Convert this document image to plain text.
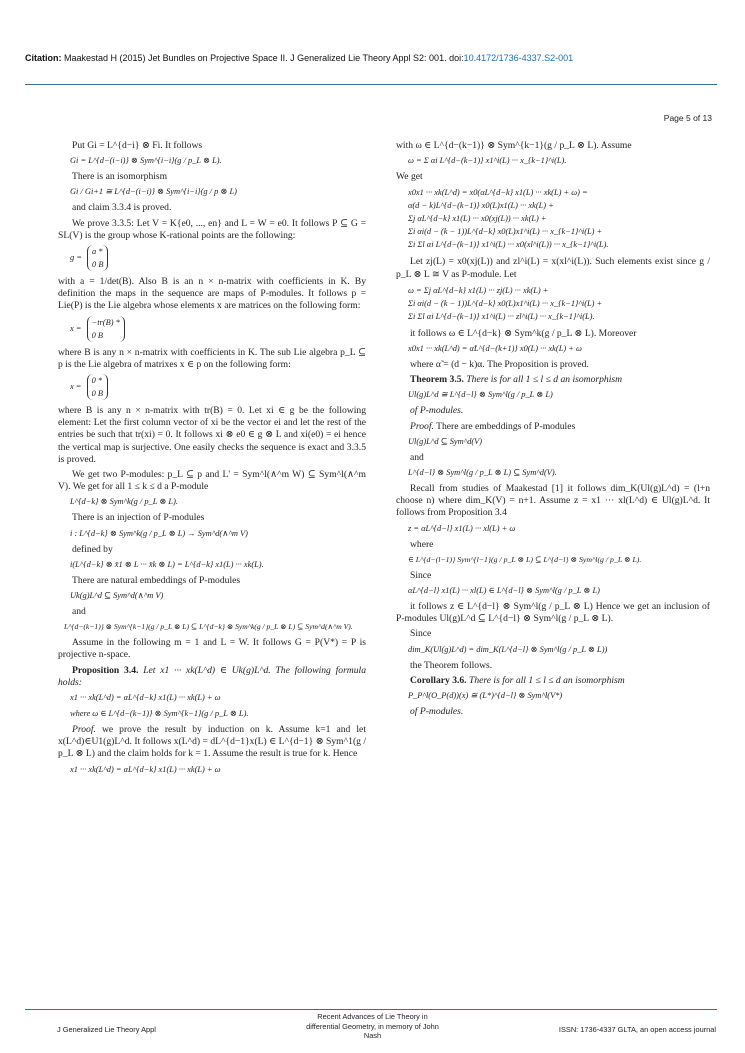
Citation: Maakestad H (2015) Jet Bundles on Projective Space II. J Generalized Lie Theory Appl S2: 001. doi:10.4172/1736-4337.S2-001
Page 5 of 13

Put Gi = L^{d−i} ⊗ Fi. It follows

Gi = L^{d−(i−i)} ⊗ Sym^{i−i}(g / p_L ⊗ L).

There is an isomorphism

Gi / Gi+1 ≅ L^{d−(i−i)} ⊗ Sym^{i−i}(g / p ⊗ L)

and claim 3.3.4 is proved.

We prove 3.3.5: Let V = K{e0, ..., en} and L = W = e0. It follows P ⊆ G = SL(V) is the group whose K-rational points are the following:

g = a *
0 B

with a = 1/det(B). Also B is an n × n-matrix with coefficients in K. By definition the maps in the sequence are maps of P-modules. It follows p = Lie(P) is the Lie algebra whose elements x are matrices on the following form:

x = −tr(B) *
0 B

where B is any n × n-matrix with coefficients in K. The sub Lie algebra p_L ⊆ p is the Lie algebra of matrixes x ∈ p on the following form:

x = 0 *
0 B

where B is any n × n-matrix with tr(B) = 0. Let xi ∈ g be the following element: Let the first column vector of xi be the vector ei and let the rest of the entries be such that tr(xi) = 0. It follows xi ⊗ e0 ∈ g ⊗ L and xi(e0) = ei hence the vertical map is surjective. One easily checks the sequence is exact and 3.3.5 is proved.

We get two P-modules: p_L ⊆ p and L' = Sym^l(∧^m W) ⊆ Sym^l(∧^m V). We get for all 1 ≤ k ≤ d a P-module

L^{d−k} ⊗ Sym^k(g / p_L ⊗ L).

There is an injection of P-modules

i : L^{d−k} ⊗ Sym^k(g / p_L ⊗ L) → Sym^d(∧^m V)

defined by

i(L^{d−k} ⊗ x̄1 ⊗ L ··· x̄k ⊗ L) = L^{d−k} x1(L) ··· xk(L).

There are natural embeddings of P-modules

Uk(g)L^d ⊆ Sym^d(∧^m V)

and

L^{d−(k−1)} ⊗ Sym^{k−1}(g / p_L ⊗ L) ⊆ L^{d−k} ⊗ Sym^k(g / p_L ⊗ L) ⊆ Sym^d(∧^m V).

Assume in the following m = 1 and L = W. It follows G = P(V*) = P is projective n-space.

Proposition 3.4. Let x1 ··· xk(L^d) ∈ Uk(g)L^d. The following formula holds:

x1 ··· xk(L^d) = αL^{d−k} x1(L) ··· xk(L) + ω
where ω ∈ L^{d−(k−1)} ⊗ Sym^{k−1}(g / p_L ⊗ L).

Proof. we prove the result by induction on k. Assume k=1 and let x(L^d)∈U1(g)L^d. It follows x(L^d) = dL^{d−1}x(L) ∈ L^{d−1} ⊗ Sym^1(g / p_L ⊗ L) and the claim holds for k = 1. Assume the result is true for k. Hence

x1 ··· xk(L^d) = αL^{d−k} x1(L) ··· xk(L) + ω

with ω ∈ L^{d−(k−1)} ⊗ Sym^{k−1}(g / p_L ⊗ L). Assume

ω = Σ αi L^{d−(k−1)} x1^i(L) ··· x_{k−1}^i(L).

We get

x0x1 ··· xk(L^d) = x0(αL^{d−k} x1(L) ··· xk(L) + ω) =
α(d − k)L^{d−(k−1)} x0(L)x1(L) ··· xk(L) +
Σj αL^{d−k} x1(L) ··· x0(xj(L)) ··· xk(L) +
Σi αi(d − (k − 1))L^{d−k} x0(L)x1^i(L) ··· x_{k−1}^i(L) +
Σi Σl αi L^{d−(k−1)} x1^i(L) ··· x0(xl^i(L)) ··· x_{k−1}^i(L).

Let zj(L) = x0(xj(L)) and zl^i(L) = x(xl^i(L)). Such elements exist since g / p_L ⊗ L ≅ V as P-module. Let

ω = Σj αL^{d−k} x1(L) ··· zj(L) ··· xk(L) +
Σi αi(d − (k − 1))L^{d−k} x0(L)x1^i(L) ··· x_{k−1}^i(L) +
Σi Σl αi L^{d−(k−1)} x1^i(L) ··· zl^i(L) ··· x_{k−1}^i(L).

it follows ω ∈ L^{d−k} ⊗ Sym^k(g / p_L ⊗ L). Moreover

x0x1 ··· xk(L^d) = α̃L^{d−(k+1)} x0(L) ··· xk(L) + ω

where α̃ = (d − k)α. The Proposition is proved.

Theorem 3.5. There is for all 1 ≤ l ≤ d an isomorphism

Ul(g)L^d ≅ L^{d−l} ⊗ Sym^l(g / p_L ⊗ L)

of P-modules.

Proof. There are embeddings of P-modules

Ul(g)L^d ⊆ Sym^d(V)

and

L^{d−l} ⊗ Sym^l(g / p_L ⊗ L) ⊆ Sym^d(V).

Recall from studies of Maakestad [1] it follows dim_K(Ul(g)L^d) = (l+n choose n) where dim_K(V) = n+1. Assume z = x1 ··· xl(L^d) ∈ Ul(g)L^d. It follows from Proposition 3.4

z = αL^{d−l} x1(L) ··· xl(L) + ω

where

∈ L^{d−(l−1)} Sym^{l−1}(g / p_L ⊗ L) ⊆ L^{d−l} ⊗ Sym^l(g / p_L ⊗ L).

Since

αL^{d−l} x1(L) ··· xl(L) ∈ L^{d−l} ⊗ Sym^l(g / p_L ⊗ L)

it follows z ∈ L^{d−l} ⊗ Sym^l(g / p_L ⊗ L) Hence we get an inclusion of P-modules Ul(g)L^d ⊆ L^{d−l} ⊗ Sym^l(g / p_L ⊗ L).

Since

dim_K(Ul(g)L^d) = dim_K(L^{d−l} ⊗ Sym^l(g / p_L ⊗ L))

the Theorem follows.

Corollary 3.6. There is for all 1 ≤ l ≤ d an isomorphism

P_P^l(O_P(d))(x) ≅ (L*)^{d−l} ⊗ Sym^l(V*)

of P-modules.

J Generalized Lie Theory Appl
Recent Advances of Lie Theory in differential Geometry, in memory of John Nash
ISSN: 1736-4337 GLTA, an open access journal
